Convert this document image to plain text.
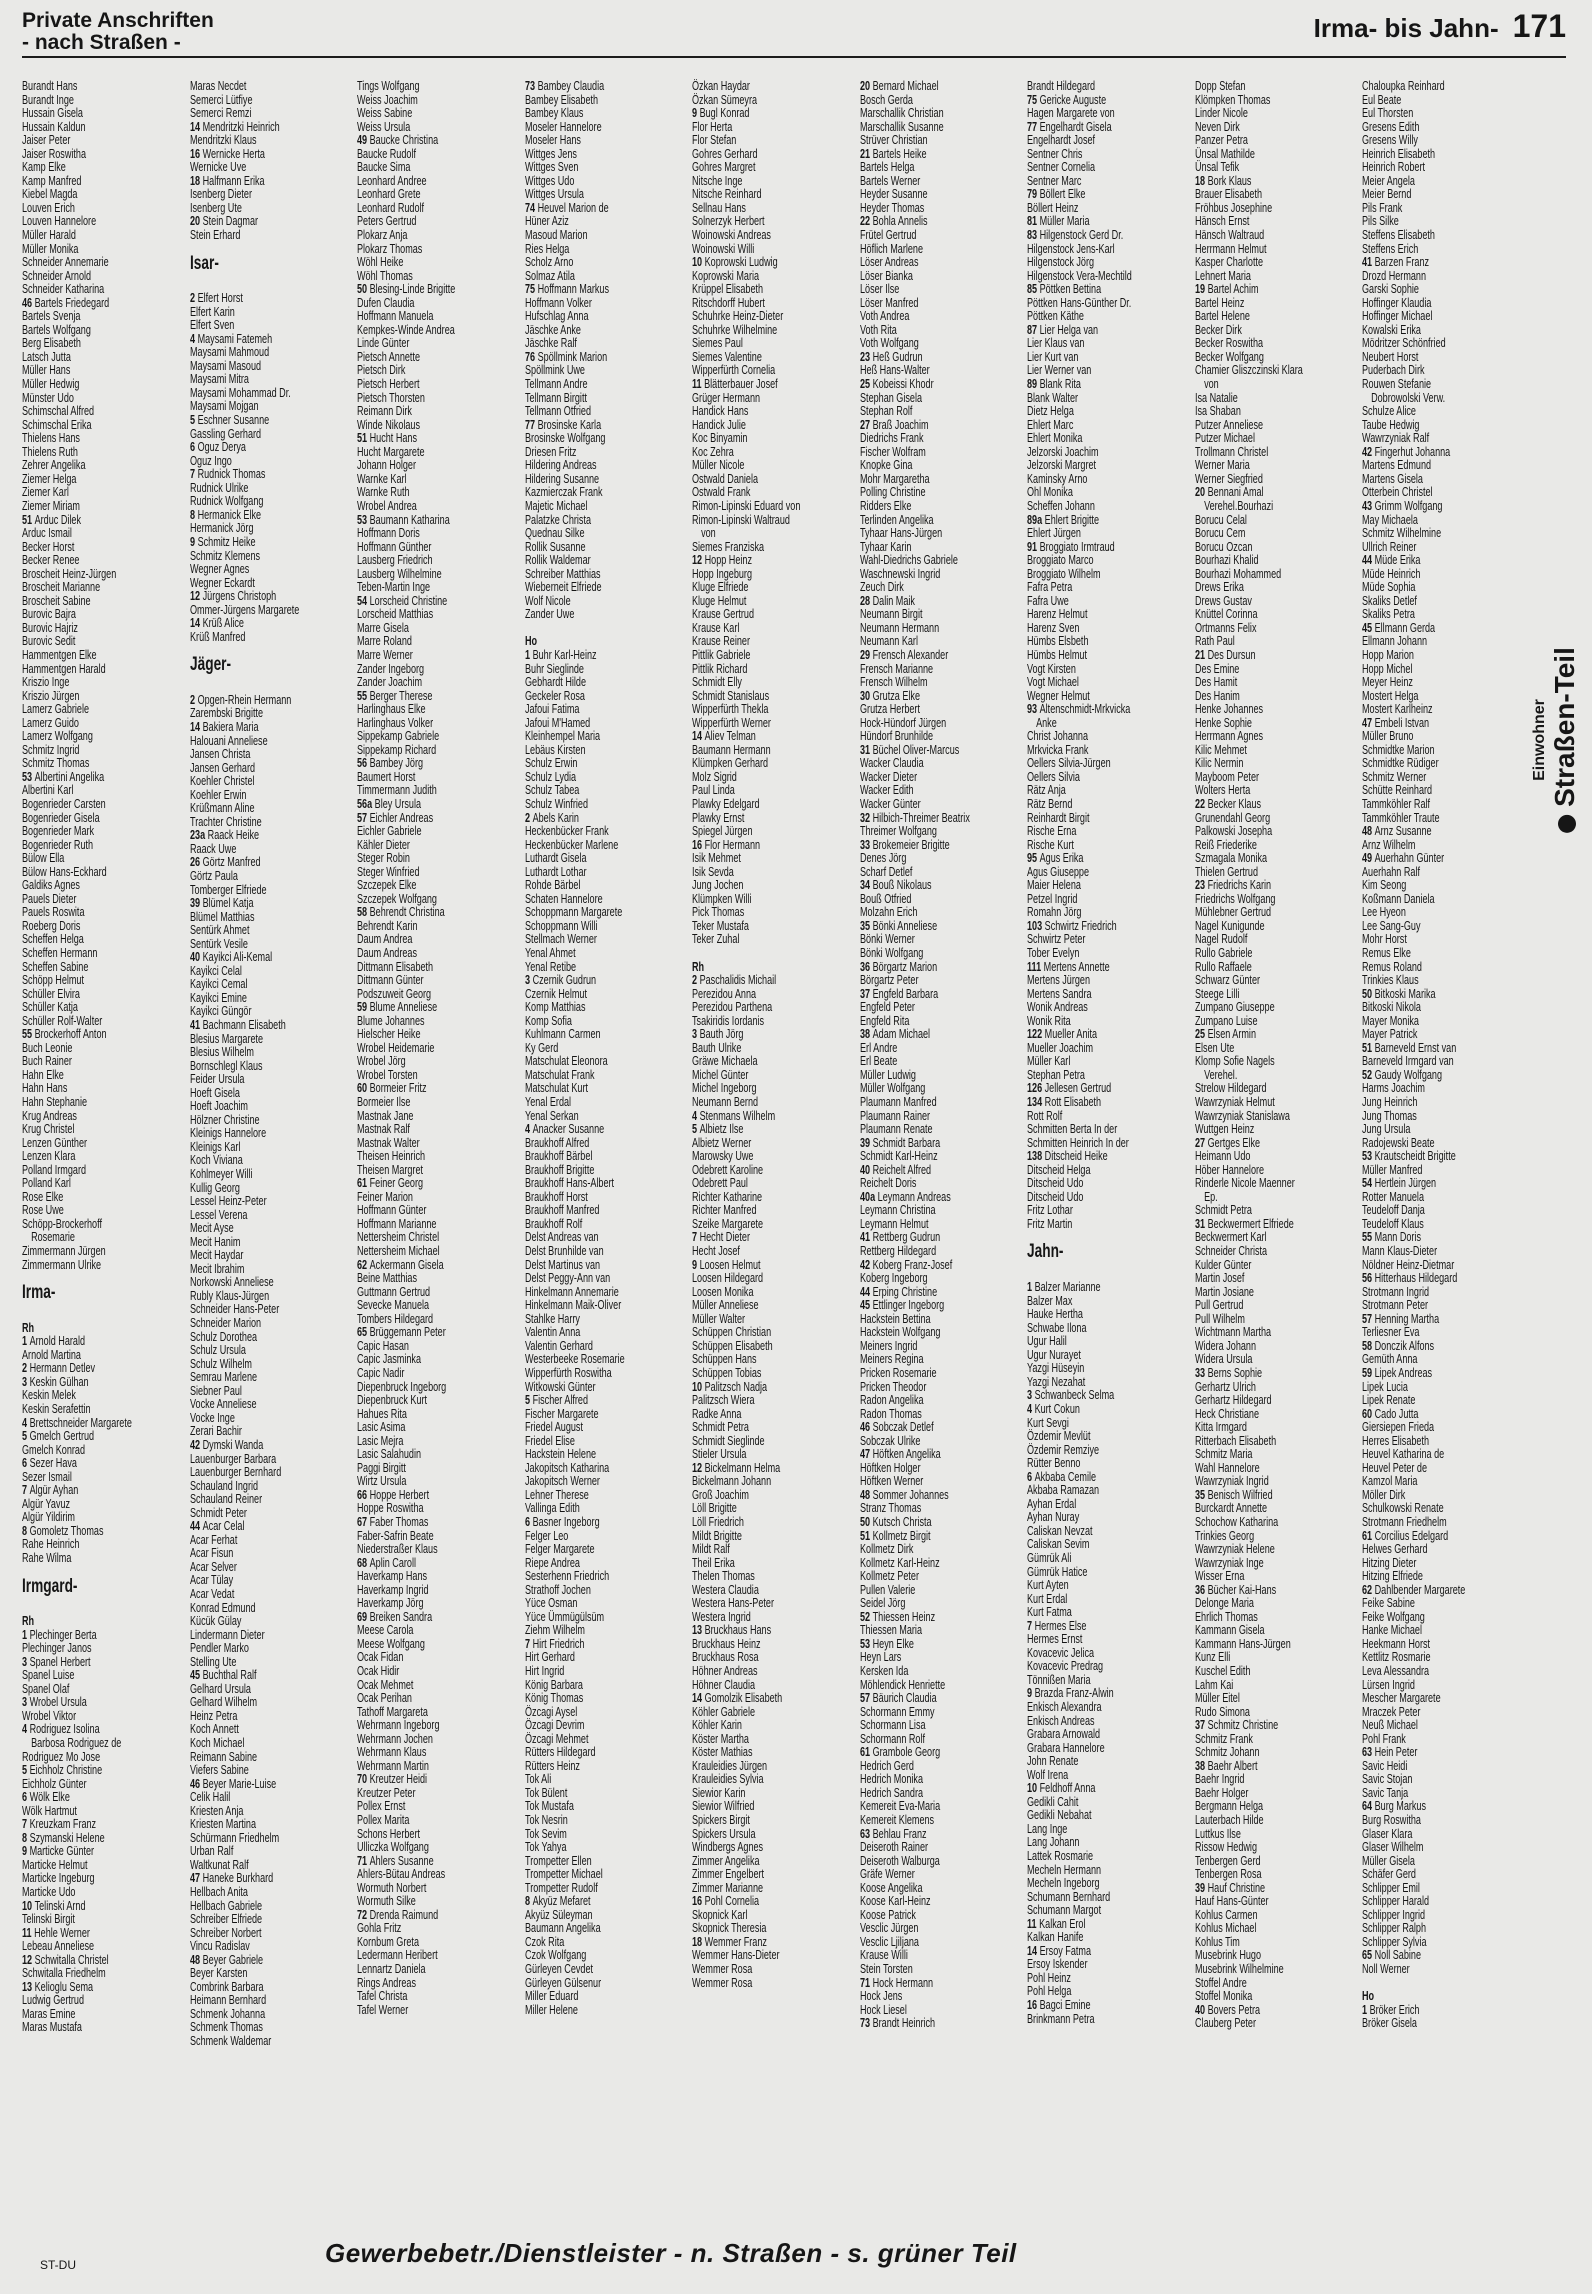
Private Anschriften
- nach Straßen -	Irma- bis Jahn- 171
Burandt Hans
Burandt Inge
Hussain Gisela
Hussain Kaldun
Jaiser Peter
Jaiser Roswitha
Kamp Elke
Kamp Manfred
Kiebel Magda
Louven Erich
Louven Hannelore
Müller Harald
Müller Monika
Schneider Annemarie
Schneider Arnold
Schneider Katharina
46 Bartels Friedegard
Bartels Svenja
Bartels Wolfgang
Berg Elisabeth
Latsch Jutta
Müller Hans
Müller Hedwig
Münster Udo
Schimschal Alfred
Schimschal Erika
Thielens Hans
Thielens Ruth
Zehrer Angelika
Ziemer Helga
Ziemer Karl
Ziemer Miriam
51 Arduc Dilek
Arduc Ismail
Becker Horst
Becker Renee
Broscheit Heinz-Jürgen
Broscheit Marianne
Broscheit Sabine
Burovic Bajra
Burovic Hajriz
Burovic Sedit
Hammentgen Elke
Hammentgen Harald
Kriszio Inge
Kriszio Jürgen
Lamerz Gabriele
Lamerz Guido
Lamerz Wolfgang
Schmitz Ingrid
Schmitz Thomas
53 Albertini Angelika
Albertini Karl
Bogenrieder Carsten
Bogenrieder Gisela
Bogenrieder Mark
Bogenrieder Ruth
Bülow Ella
Bülow Hans-Eckhard
Galdiks Agnes
Pauels Dieter
Pauels Roswita
Roeberg Doris
Scheffen Helga
Scheffen Hermann
Scheffen Sabine
Schöpp Helmut
Schüller Elvira
Schüller Katja
Schüller Rolf-Walter
55 Brockerhoff Anton
Buch Leonie
Buch Rainer
Hahn Elke
Hahn Hans
Hahn Stephanie
Krug Andreas
Krug Christel
Lenzen Günther
Lenzen Klara
Polland Irmgard
Polland Karl
Rose Elke
Rose Uwe
Schöpp-Brockerhoff
 Rosemarie
Zimmermann Jürgen
Zimmermann Ulrike
Irma-
Rh
1 Arnold Harald
Arnold Martina
2 Hermann Detlev
3 Keskin Gülhan
Keskin Melek
Keskin Serafettin
4 Brettschneider Margarete
5 Gmelch Gertrud
Gmelch Konrad
6 Sezer Hava
Sezer Ismail
7 Algür Ayhan
Algür Yavuz
Algür Yildirim
8 Gomoletz Thomas
Rahe Heinrich
Rahe Wilma
Irmgard-
Rh
1 Plechinger Berta
Plechinger Janos
3 Spanel Herbert
Spanel Luise
Spanel Olaf
3 Wrobel Ursula
Wrobel Viktor
4 Rodriguez Isolina
 Barbosa Rodriguez de
Rodriguez Mo Jose
5 Eichholz Christine
Eichholz Günter
6 Wölk Elke
Wölk Hartmut
7 Kreuzkam Franz
8 Szymanski Helene
9 Marticke Günter
Marticke Helmut
Marticke Ingeburg
Marticke Udo
10 Telinski Arnd
Telinski Birgit
11 Hehle Werner
Lebeau Anneliese
12 Schwitalla Christel
Schwitalla Friedhelm
13 Kelioglu Sema
Ludwig Gertrud
Maras Emine
Maras Mustafa
Maras Necdet
Semerci Lütfiye
Semerci Remzi
14 Mendritzki Heinrich
Mendritzki Klaus
16 Wernicke Herta
Wernicke Uve
18 Halfmann Erika
Isenberg Dieter
Isenberg Ute
20 Stein Dagmar
Stein Erhard
Isar-
2 Elfert Horst
Elfert Karin
Elfert Sven
4 Maysami Fatemeh
Maysami Mahmoud
Maysami Masoud
Maysami Mitra
Maysami Mohammad Dr.
Maysami Mojgan
5 Eschner Susanne
Gassling Gerhard
6 Oguz Derya
Oguz Ingo
7 Rudnick Thomas
Rudnick Ulrike
Rudnick Wolfgang
8 Hermanick Elke
Hermanick Jörg
9 Schmitz Heike
Schmitz Klemens
Wegner Agnes
Wegner Eckardt
12 Jürgens Christoph
Ommer-Jürgens Margarete
14 Krüß Alice
Krüß Manfred
Jäger-
2 Opgen-Rhein Hermann
Zarembski Brigitte
14 Bakiera Maria
Halouani Anneliese
Jansen Christa
Jansen Gerhard
Koehler Christel
Koehler Erwin
Krüßmann Aline
Trachter Christine
23a Raack Heike
Raack Uwe
26 Görtz Manfred
Görtz Paula
Tomberger Elfriede
39 Blümel Katja
Blümel Matthias
Sentürk Ahmet
Sentürk Vesile
40 Kayikci Ali-Kemal
Kayikci Celal
Kayikci Cemal
Kayikci Emine
Kayikci Güngör
41 Bachmann Elisabeth
Blesius Margarete
Blesius Wilhelm
Bornschlegl Klaus
Feider Ursula
Hoeft Gisela
Hoeft Joachim
Hölzner Christine
Kleinigs Hannelore
Kleinigs Karl
Koch Viviana
Kohlmeyer Willi
Kullig Georg
Lessel Heinz-Peter
Lessel Verena
Mecit Ayse
Mecit Hanim
Mecit Haydar
Mecit Ibrahim
Norkowski Anneliese
Rubly Klaus-Jürgen
Schneider Hans-Peter
Schneider Marion
Schulz Dorothea
Schulz Ursula
Schulz Wilhelm
Semrau Marlene
Siebner Paul
Vocke Anneliese
Vocke Inge
Zerari Bachir
42 Dymski Wanda
Lauenburger Barbara
Lauenburger Bernhard
Schauland Ingrid
Schauland Reiner
Schmidt Peter
44 Acar Celal
Acar Ferhat
Acar Fisun
Acar Selver
Acar Tülay
Acar Vedat
Konrad Edmund
Kücük Gülay
Lindermann Dieter
Pendler Marko
Stelling Ute
45 Buchthal Ralf
Gelhard Ursula
Gelhard Wilhelm
Heinz Petra
Koch Annett
Koch Michael
Reimann Sabine
Viefers Sabine
46 Beyer Marie-Luise
Celik Halil
Kriesten Anja
Kriesten Martina
Schürmann Friedhelm
Urban Ralf
Waltkunat Ralf
47 Haneke Burkhard
Hellbach Anita
Hellbach Gabriele
Schreiber Elfriede
Schreiber Norbert
Vincu Radislav
48 Beyer Gabriele
Beyer Karsten
Combrink Barbara
Heimann Bernhard
Schmenk Johanna
Schmenk Thomas
Schmenk Waldemar
Tings Wolfgang
Weiss Joachim
Weiss Sabine
Weiss Ursula
49 Baucke Christina
Baucke Rudolf
Baucke Sima
Leonhard Andree
Leonhard Grete
Leonhard Rudolf
Peters Gertrud
Plokarz Anja
Plokarz Thomas
Wöhl Heike
Wöhl Thomas
50 Blesing-Linde Brigitte
Dufen Claudia
Hoffmann Manuela
Kempkes-Winde Andrea
Linde Günter
Pietsch Annette
Pietsch Dirk
Pietsch Herbert
Pietsch Thorsten
Reimann Dirk
Winde Nikolaus
51 Hucht Hans
Hucht Margarete
Johann Holger
Warnke Karl
Warnke Ruth
Wrobel Andrea
53 Baumann Katharina
Hoffmann Doris
Hoffmann Günther
Lausberg Friedrich
Lausberg Wilhelmine
Teben-Martin Inge
54 Lorscheid Christine
Lorscheid Matthias
Marre Gisela
Marre Roland
Marre Werner
Zander Ingeborg
Zander Joachim
55 Berger Therese
Harlinghaus Elke
Harlinghaus Volker
Sippekamp Gabriele
Sippekamp Richard
56 Bambey Jörg
Baumert Horst
Timmermann Judith
56a Bley Ursula
57 Eichler Andreas
Eichler Gabriele
Kähler Dieter
Steger Robin
Steger Winfried
Szczepek Elke
Szczepek Wolfgang
58 Behrendt Christina
Behrendt Karin
Daum Andrea
Daum Andreas
Dittmann Elisabeth
Dittmann Günter
Podszuweit Georg
59 Blume Anneliese
Blume Johannes
Hielscher Heike
Wrobel Heidemarie
Wrobel Jörg
Wrobel Torsten
60 Bormeier Fritz
Bormeier Ilse
Mastnak Jane
Mastnak Ralf
Mastnak Walter
Theisen Heinrich
Theisen Margret
61 Feiner Georg
Feiner Marion
Hoffmann Günter
Hoffmann Marianne
Nettersheim Christel
Nettersheim Michael
62 Ackermann Gisela
Beine Matthias
Guttmann Gertrud
Sevecke Manuela
Tombers Hildegard
65 Brüggemann Peter
Capic Hasan
Capic Jasminka
Capic Nadir
Diepenbruck Ingeborg
Diepenbruck Kurt
Hahues Rita
Lasic Asima
Lasic Mejra
Lasic Salahudin
Paggi Birgitt
Wirtz Ursula
66 Hoppe Herbert
Hoppe Roswitha
67 Faber Thomas
Faber-Safrin Beate
Niederstraßer Klaus
68 Aplin Caroll
Haverkamp Hans
Haverkamp Ingrid
Haverkamp Jörg
69 Breiken Sandra
Meese Carola
Meese Wolfgang
Ocak Fidan
Ocak Hidir
Ocak Mehmet
Ocak Perihan
Tathoff Margareta
Wehrmann Ingeborg
Wehrmann Jochen
Wehrmann Klaus
Wehrmann Martin
70 Kreutzer Heidi
Kreutzer Peter
Pollex Ernst
Pollex Marita
Schons Herbert
Ulliczka Wolfgang
71 Ahlers Susanne
Ahlers-Bütau Andreas
Wormuth Norbert
Wormuth Silke
72 Drenda Raimund
Gohla Fritz
Kornbum Greta
Ledermann Heribert
Lennartz Daniela
Rings Andreas
Tafel Christa
Tafel Werner
73 Bambey Claudia
Bambey Elisabeth
Bambey Klaus
Moseler Hannelore
Moseler Hans
Wittges Jens
Wittges Sven
Wittges Udo
Wittges Ursula
74 Heuvel Marion de
Hüner Aziz
Masoud Marion
Ries Helga
Scholz Arno
Solmaz Atila
75 Hoffmann Markus
Hoffmann Volker
Hufschlag Anna
Jäschke Anke
Jäschke Ralf
76 Spöllmink Marion
Spöllmink Uwe
Tellmann Andre
Tellmann Birgitt
Tellmann Otfried
77 Brosinske Karla
Brosinske Wolfgang
Driesen Fritz
Hildering Andreas
Hildering Susanne
Kazmierczak Frank
Majetic Michael
Palatzke Christa
Quednau Silke
Rollik Susanne
Rollik Waldemar
Schreiber Matthias
Wieberneit Elfriede
Wolf Nicole
Zander Uwe
Ho
1 Buhr Karl-Heinz
Buhr Sieglinde
Gebhardt Hilde
Geckeler Rosa
Jafoui Fatima
Jafoui M'Hamed
Kleinhempel Maria
Lebäus Kirsten
Schulz Erwin
Schulz Lydia
Schulz Tabea
Schulz Winfried
2 Abels Karin
Heckenbücker Frank
Heckenbücker Marlene
Luthardt Gisela
Luthardt Lothar
Rohde Bärbel
Schaten Hannelore
Schoppmann Margarete
Schoppmann Willi
Stellmach Werner
Yenal Ahmet
Yenal Retibe
3 Czernik Gudrun
Czernik Helmut
Komp Matthias
Komp Sofia
Kuhlmann Carmen
Ky Gerd
Matschulat Eleonora
Matschulat Frank
Matschulat Kurt
Yenal Erdal
Yenal Serkan
4 Anacker Susanne
Braukhoff Alfred
Braukhoff Bärbel
Braukhoff Brigitte
Braukhoff Hans-Albert
Braukhoff Horst
Braukhoff Manfred
Braukhoff Rolf
Delst Andreas van
Delst Brunhilde van
Delst Martinus van
Delst Peggy-Ann van
Hinkelmann Annemarie
Hinkelmann Maik-Oliver
Stahlke Harry
Valentin Anna
Valentin Gerhard
Westerbeeke Rosemarie
Wipperfürth Roswitha
Witkowski Günter
5 Fischer Alfred
Fischer Margarete
Friedel August
Friedel Elise
Hackstein Helene
Jakopitsch Katharina
Jakopitsch Werner
Lehner Therese
Vallinga Edith
6 Basner Ingeborg
Felger Leo
Felger Margarete
Riepe Andrea
Sesterhenn Friedrich
Strathoff Jochen
Yüce Osman
Yüce Ümmügülsüm
Ziehm Wilhelm
7 Hirt Friedrich
Hirt Gerhard
Hirt Ingrid
König Barbara
König Thomas
Özcagi Aysel
Özcagi Devrim
Özcagi Mehmet
Rütters Hildegard
Rütters Heinz
Tok Ali
Tok Bülent
Tok Mustafa
Tok Nesrin
Tok Sevim
Tok Yahya
Trompetter Ellen
Trompetter Michael
Trompetter Rudolf
8 Akyüz Mefaret
Akyüz Süleyman
Baumann Angelika
Czok Rita
Czok Wolfgang
Gürleyen Cevdet
Gürleyen Gülsenur
Miller Eduard
Miller Helene
Özkan Haydar
Özkan Sümeyra
9 Bugl Konrad
Flor Herta
Flor Stefan
Gohres Gerhard
Gohres Margret
Nitsche Inge
Nitsche Reinhard
Sellnau Hans
Solnerzyk Herbert
Woinowski Andreas
Woinowski Willi
10 Koprowski Ludwig
Koprowski Maria
Krüppel Elisabeth
Ritschdorff Hubert
Schuhrke Heinz-Dieter
Schuhrke Wilhelmine
Siemes Paul
Siemes Valentine
Wipperfürth Cornelia
11 Blätterbauer Josef
Grüger Hermann
Handick Hans
Handick Julie
Koc Binyamin
Koc Zehra
Müller Nicole
Ostwald Daniela
Ostwald Frank
Rimon-Lipinski Eduard von
Rimon-Lipinski Waltraud
 von
Siemes Franziska
12 Hopp Heinz
Hopp Ingeburg
Kluge Elfriede
Kluge Helmut
Krause Gertrud
Krause Karl
Krause Reiner
Pittlik Gabriele
Pittlik Richard
Schmidt Elly
Schmidt Stanislaus
Wipperfürth Thekla
Wipperfürth Werner
14 Aliev Telman
Baumann Hermann
Klümpken Gerhard
Molz Sigrid
Paul Linda
Plawky Edelgard
Plawky Ernst
Spiegel Jürgen
16 Flor Hermann
Isik Mehmet
Isik Sevda
Jung Jochen
Klümpken Willi
Pick Thomas
Teker Mustafa
Teker Zuhal
Rh
2 Paschalidis Michail
Perezidou Anna
Perezidou Parthena
Tsakiridis Iordanis
3 Bauth Jörg
Bauth Ulrike
Gräwe Michaela
Michel Günter
Michel Ingeborg
Neumann Bernd
4 Stenmans Wilhelm
5 Albietz Ilse
Albietz Werner
Marowsky Uwe
Odebrett Karoline
Odebrett Paul
Richter Katharine
Richter Manfred
Szeike Margarete
7 Hecht Dieter
Hecht Josef
9 Loosen Helmut
Loosen Hildegard
Loosen Monika
Müller Anneliese
Müller Walter
Schüppen Christian
Schüppen Elisabeth
Schüppen Hans
Schüppen Tobias
10 Palitzsch Nadja
Palitzsch Wiera
Radke Anna
Schmidt Petra
Schmidt Sieglinde
Stieler Ursula
12 Bickelmann Helma
Bickelmann Johann
Groß Joachim
Löll Brigitte
Löll Friedrich
Mildt Brigitte
Mildt Ralf
Theil Erika
Thelen Thomas
Westera Claudia
Westera Hans-Peter
Westera Ingrid
13 Bruckhaus Hans
Bruckhaus Heinz
Bruckhaus Rosa
Höhner Andreas
Höhner Claudia
14 Gomolzik Elisabeth
Köhler Gabriele
Köhler Karin
Köster Martha
Köster Mathias
Krauleidies Jürgen
Krauleidies Sylvia
Siewior Karin
Siewior Wilfried
Spickers Birgit
Spickers Ursula
Windbergs Agnes
Zimmer Angelika
Zimmer Engelbert
Zimmer Marianne
16 Pohl Cornelia
Skopnick Karl
Skopnick Theresia
18 Wemmer Franz
Wemmer Hans-Dieter
Wemmer Rosa
Wemmer Rosa
20 Bernard Michael
Bosch Gerda
Marschallik Christian
Marschallik Susanne
Strüver Christian
21 Bartels Heike
Bartels Helga
Bartels Werner
Heyder Susanne
Heyder Thomas
22 Bohla Annelis
Frütel Gertrud
Höflich Marlene
Löser Andreas
Löser Bianka
Löser Ilse
Löser Manfred
Voth Andrea
Voth Rita
Voth Wolfgang
23 Heß Gudrun
Heß Hans-Walter
25 Kobeissi Khodr
Stephan Gisela
Stephan Rolf
27 Braß Joachim
Diedrichs Frank
Fischer Wolfram
Knopke Gina
Mohr Margaretha
Polling Christine
Ridders Elke
Terlinden Angelika
Tyhaar Hans-Jürgen
Tyhaar Karin
Wahl-Diedrichs Gabriele
Waschnewski Ingrid
Zeuch Dirk
28 Dalin Maik
Neumann Birgit
Neumann Hermann
Neumann Karl
29 Frensch Alexander
Frensch Marianne
Frensch Wilhelm
30 Grutza Elke
Grutza Herbert
Hock-Hündorf Jürgen
Hündorf Brunhilde
31 Büchel Oliver-Marcus
Wacker Claudia
Wacker Dieter
Wacker Edith
Wacker Günter
32 Hilbich-Threimer Beatrix
Threimer Wolfgang
33 Brokemeier Brigitte
Denes Jörg
Scharf Detlef
34 Bouß Nikolaus
Bouß Otfried
Molzahn Erich
35 Bönki Anneliese
Bönki Werner
Bönki Wolfgang
36 Börgartz Marion
Börgartz Peter
37 Engfeld Barbara
Engfeld Peter
Engfeld Rita
38 Adam Michael
Erl Andre
Erl Beate
Müller Ludwig
Müller Wolfgang
Plaumann Manfred
Plaumann Rainer
Plaumann Renate
39 Schmidt Barbara
Schmidt Karl-Heinz
40 Reichelt Alfred
Reichelt Doris
40a Leymann Andreas
Leymann Christina
Leymann Helmut
41 Rettberg Gudrun
Rettberg Hildegard
42 Koberg Franz-Josef
Koberg Ingeborg
44 Erping Christine
45 Ettlinger Ingeborg
Hackstein Bettina
Hackstein Wolfgang
Meiners Ingrid
Meiners Regina
Pricken Rosemarie
Pricken Theodor
Radon Angelika
Radon Thomas
46 Sobczak Detlef
Sobczak Ulrike
47 Höftken Angelika
Höftken Holger
Höftken Werner
48 Sommer Johannes
Stranz Thomas
50 Kutsch Christa
51 Kollmetz Birgit
Kollmetz Dirk
Kollmetz Karl-Heinz
Kollmetz Peter
Pullen Valerie
Seidel Jörg
52 Thiessen Heinz
Thiessen Maria
53 Heyn Elke
Heyn Lars
Kersken Ida
Möhlendick Henriette
57 Bäurich Claudia
Schormann Emmy
Schormann Lisa
Schormann Rolf
61 Grambole Georg
Hedrich Gerd
Hedrich Monika
Hedrich Sandra
Kemereit Eva-Maria
Kemereit Klemens
63 Behlau Franz
Deiseroth Rainer
Deiseroth Walburga
Gräfe Werner
Koose Angelika
Koose Karl-Heinz
Koose Patrick
Vesclic Jürgen
Vesclic Ljiljana
Krause Willi
Stein Torsten
71 Hock Hermann
Hock Jens
Hock Liesel
73 Brandt Heinrich
Brandt Hildegard
75 Gericke Auguste
Hagen Margarete von
77 Engelhardt Gisela
Engelhardt Josef
Sentner Chris
Sentner Cornelia
Sentner Marc
79 Böllert Elke
Böllert Heinz
81 Müller Maria
83 Hilgenstock Gerd Dr.
Hilgenstock Jens-Karl
Hilgenstock Jörg
Hilgenstock Vera-Mechtild
85 Pöttken Bettina
Pöttken Hans-Günther Dr.
Pöttken Käthe
87 Lier Helga van
Lier Klaus van
Lier Kurt van
Lier Werner van
89 Blank Rita
Blank Walter
Dietz Helga
Ehlert Marc
Ehlert Monika
Jelzorski Joachim
Jelzorski Margret
Kaminsky Arno
Ohl Monika
Scheffen Johann
89a Ehlert Brigitte
Ehlert Jürgen
91 Broggiato Irmtraud
Broggiato Marco
Broggiato Wilhelm
Fafra Petra
Fafra Uwe
Harenz Helmut
Harenz Sven
Hümbs Elsbeth
Hümbs Helmut
Vogt Kirsten
Vogt Michael
Wegner Helmut
93 Altenschmidt-Mrkvicka
 Anke
Christ Johanna
Mrkvicka Frank
Oellers Silvia-Jürgen
Oellers Silvia
Rätz Anja
Rätz Bernd
Reinhardt Birgit
Rische Erna
Rische Kurt
95 Agus Erika
Agus Giuseppe
Maier Helena
Petzel Ingrid
Romahn Jörg
103 Schwirtz Friedrich
Schwirtz Peter
Tober Evelyn
111 Mertens Annette
Mertens Jürgen
Mertens Sandra
Wonik Andreas
Wonik Rita
122 Mueller Anita
Mueller Joachim
Müller Karl
Stephan Petra
126 Jellesen Gertrud
134 Rott Elisabeth
Rott Rolf
Schmitten Berta In der
Schmitten Heinrich In der
138 Ditscheid Heike
Ditscheid Helga
Ditscheid Udo
Ditscheid Udo
Fritz Lothar
Fritz Martin
Jahn-
1 Balzer Marianne
Balzer Max
Hauke Hertha
Schwabe Ilona
Ugur Halil
Ugur Nurayet
Yazgi Hüseyin
Yazgi Nezahat
3 Schwanbeck Selma
4 Kurt Cokun
Kurt Sevgi
Özdemir Mevlüt
Özdemir Remziye
Rütter Benno
6 Akbaba Cemile
Akbaba Ramazan
Ayhan Erdal
Ayhan Nuray
Caliskan Nevzat
Caliskan Sevim
Gümrük Ali
Gümrük Hatice
Kurt Ayten
Kurt Erdal
Kurt Fatma
7 Hermes Else
Hermes Ernst
Kovacevic Jelica
Kovacevic Predrag
Tönnißen Maria
9 Brazda Franz-Alwin
Enkisch Alexandra
Enkisch Andreas
Grabara Arnowald
Grabara Hannelore
John Renate
Wolf Irena
10 Feldhoff Anna
Gedikli Cahit
Gedikli Nebahat
Lang Inge
Lang Johann
Lattek Rosmarie
Mecheln Hermann
Mecheln Ingeborg
Schumann Bernhard
Schumann Margot
11 Kalkan Erol
Kalkan Hanife
14 Ersoy Fatma
Ersoy Iskender
Pohl Heinz
Pohl Helga
16 Bagci Emine
Brinkmann Petra
Dopp Stefan
Klömpken Thomas
Linder Nicole
Neven Dirk
Panzer Petra
Ünsal Mathilde
Ünsal Tefik
18 Bork Klaus
Brauer Elisabeth
Fröhbus Josephine
Hänsch Ernst
Hänsch Waltraud
Herrmann Helmut
Kasper Charlotte
Lehnert Maria
19 Bartel Achim
Bartel Heinz
Bartel Helene
Becker Dirk
Becker Roswitha
Becker Wolfgang
Chamier Gliszczinski Klara
 von
Isa Natalie
Isa Shaban
Putzer Anneliese
Putzer Michael
Trollmann Christel
Werner Maria
Werner Siegfried
20 Bennani Amal
 Verehel.Bourhazi
Borucu Celal
Borucu Cem
Borucu Ozcan
Bourhazi Khalid
Bourhazi Mohammed
Drews Erika
Drews Gustav
Knüttel Corinna
Ortmanns Felix
Rath Paul
21 Des Dursun
Des Emine
Des Hamit
Des Hanim
Henke Johannes
Henke Sophie
Herrmann Agnes
Kilic Mehmet
Kilic Nermin
Mayboom Peter
Wolters Herta
22 Becker Klaus
Grunendahl Georg
Palkowski Josepha
Reiß Friederike
Szmagala Monika
Thielen Gertrud
23 Friedrichs Karin
Friedrichs Wolfgang
Mühlebner Gertrud
Nagel Kunigunde
Nagel Rudolf
Rullo Gabriele
Rullo Raffaele
Schwarz Günter
Steege Lilli
Zumpano Giuseppe
Zumpano Luise
25 Elsen Armin
Elsen Ute
Klomp Sofie Nagels
 Verehel.
Strelow Hildegard
Wawrzyniak Helmut
Wawrzyniak Stanislawa
Wuttgen Heinz
27 Gertges Elke
Heimann Udo
Höber Hannelore
Rinderle Nicole Maenner
 Ep.
Schmidt Petra
31 Beckwermert Elfriede
Beckwermert Karl
Schneider Christa
Kulder Günter
Martin Josef
Martin Josiane
Pull Gertrud
Pull Wilhelm
Wichtmann Martha
Widera Johann
Widera Ursula
33 Berns Sophie
Gerhartz Ulrich
Gerhartz Hildegard
Heck Christiane
Kitta Irmgard
Ritterbach Elisabeth
Schmitz Maria
Wahl Hannelore
Wawrzyniak Ingrid
35 Benisch Wilfried
Burckardt Annette
Schochow Katharina
Trinkies Georg
Wawrzyniak Helene
Wawrzyniak Inge
Wisser Erna
36 Bücher Kai-Hans
Delonge Maria
Ehrlich Thomas
Kammann Gisela
Kammann Hans-Jürgen
Kunz Elli
Kuschel Edith
Lahm Kai
Müller Eitel
Rudo Simona
37 Schmitz Christine
Schmitz Frank
Schmitz Johann
38 Baehr Albert
Baehr Ingrid
Baehr Holger
Bergmann Helga
Lauterbach Hilde
Luttkus Ilse
Rissow Hedwig
Tenbergen Gerd
Tenbergen Rosa
39 Hauf Christine
Hauf Hans-Günter
Kohlus Carmen
Kohlus Michael
Kohlus Tim
Musebrink Hugo
Musebrink Wilhelmine
Stoffel Andre
Stoffel Monika
40 Bovers Petra
Clauberg Peter
Chaloupka Reinhard
Eul Beate
Eul Thorsten
Gresens Edith
Gresens Willy
Heinrich Elisabeth
Heinrich Robert
Meier Angela
Meier Bernd
Pils Frank
Pils Silke
Steffens Elisabeth
Steffens Erich
41 Barzen Franz
Drozd Hermann
Garski Sophie
Hoffinger Klaudia
Hoffinger Michael
Kowalski Erika
Mödritzer Schönfried
Neubert Horst
Puderbach Dirk
Rouwen Stefanie
 Dobrowolski Verw.
Schulze Alice
Taube Hedwig
Wawrzyniak Ralf
42 Fingerhut Johanna
Martens Edmund
Martens Gisela
Otterbein Christel
43 Grimm Wolfgang
May Michaela
Schmitz Wilhelmine
Ullrich Reiner
44 Müde Erika
Müde Heinrich
Müde Sophia
Skaliks Detlef
Skaliks Petra
45 Ellmann Gerda
Ellmann Johann
Hopp Marion
Hopp Michel
Meyer Heinz
Mostert Helga
Mostert Karlheinz
47 Embeli Istvan
Müller Bruno
Schmidtke Marion
Schmidtke Rüdiger
Schmitz Werner
Schütte Reinhard
Tammköhler Ralf
Tammköhler Traute
48 Arnz Susanne
Arnz Wilhelm
49 Auerhahn Günter
Auerhahn Ralf
Kim Seong
Koßmann Daniela
Lee Hyeon
Lee Sang-Guy
Mohr Horst
Remus Elke
Remus Roland
Trinkies Klaus
50 Bitkoski Marika
Bitkoski Nikola
Mayer Monika
Mayer Patrick
51 Barneveld Ernst van
Barneveld Irmgard van
52 Gaudy Wolfgang
Harms Joachim
Jung Heinrich
Jung Thomas
Jung Ursula
Radojewski Beate
53 Krautscheidt Brigitte
Müller Manfred
54 Hertlein Jürgen
Rotter Manuela
Teudeloff Danja
Teudeloff Klaus
55 Mann Doris
Mann Klaus-Dieter
Nöldner Heinz-Dietmar
56 Hitterhaus Hildegard
Strotmann Ingrid
Strotmann Peter
57 Henning Martha
Terliesner Eva
58 Donczik Alfons
Gemüth Anna
59 Lipek Andreas
Lipek Lucia
Lipek Renate
60 Cado Jutta
Giersiepen Frieda
Herres Elisabeth
Heuvel Katharina de
Heuvel Peter de
Kamzol Maria
Möller Dirk
Schulkowski Renate
Strotmann Friedhelm
61 Corcilius Edelgard
Helwes Gerhard
Hitzing Dieter
Hitzing Elfriede
62 Dahlbender Margarete
Feike Sabine
Feike Wolfgang
Hanke Michael
Heekmann Horst
Kettlitz Rosmarie
Leva Alessandra
Lürsen Ingrid
Mescher Margarete
Mraczek Peter
Neuß Michael
Pohl Frank
63 Hein Peter
Savic Heidi
Savic Stojan
Savic Tanja
64 Burg Markus
Burg Roswitha
Glaser Klara
Glaser Wilhelm
Müller Gisela
Schäfer Gerd
Schlipper Emil
Schlipper Harald
Schlipper Ingrid
Schlipper Ralph
Schlipper Sylvia
65 Noll Sabine
Noll Werner
Ho
1 Bröker Erich
Bröker Gisela
Einwohner Straßen-Teil
ST-DU	Gewerbebetr./Dienstleister - n. Straßen - s. grüner Teil
